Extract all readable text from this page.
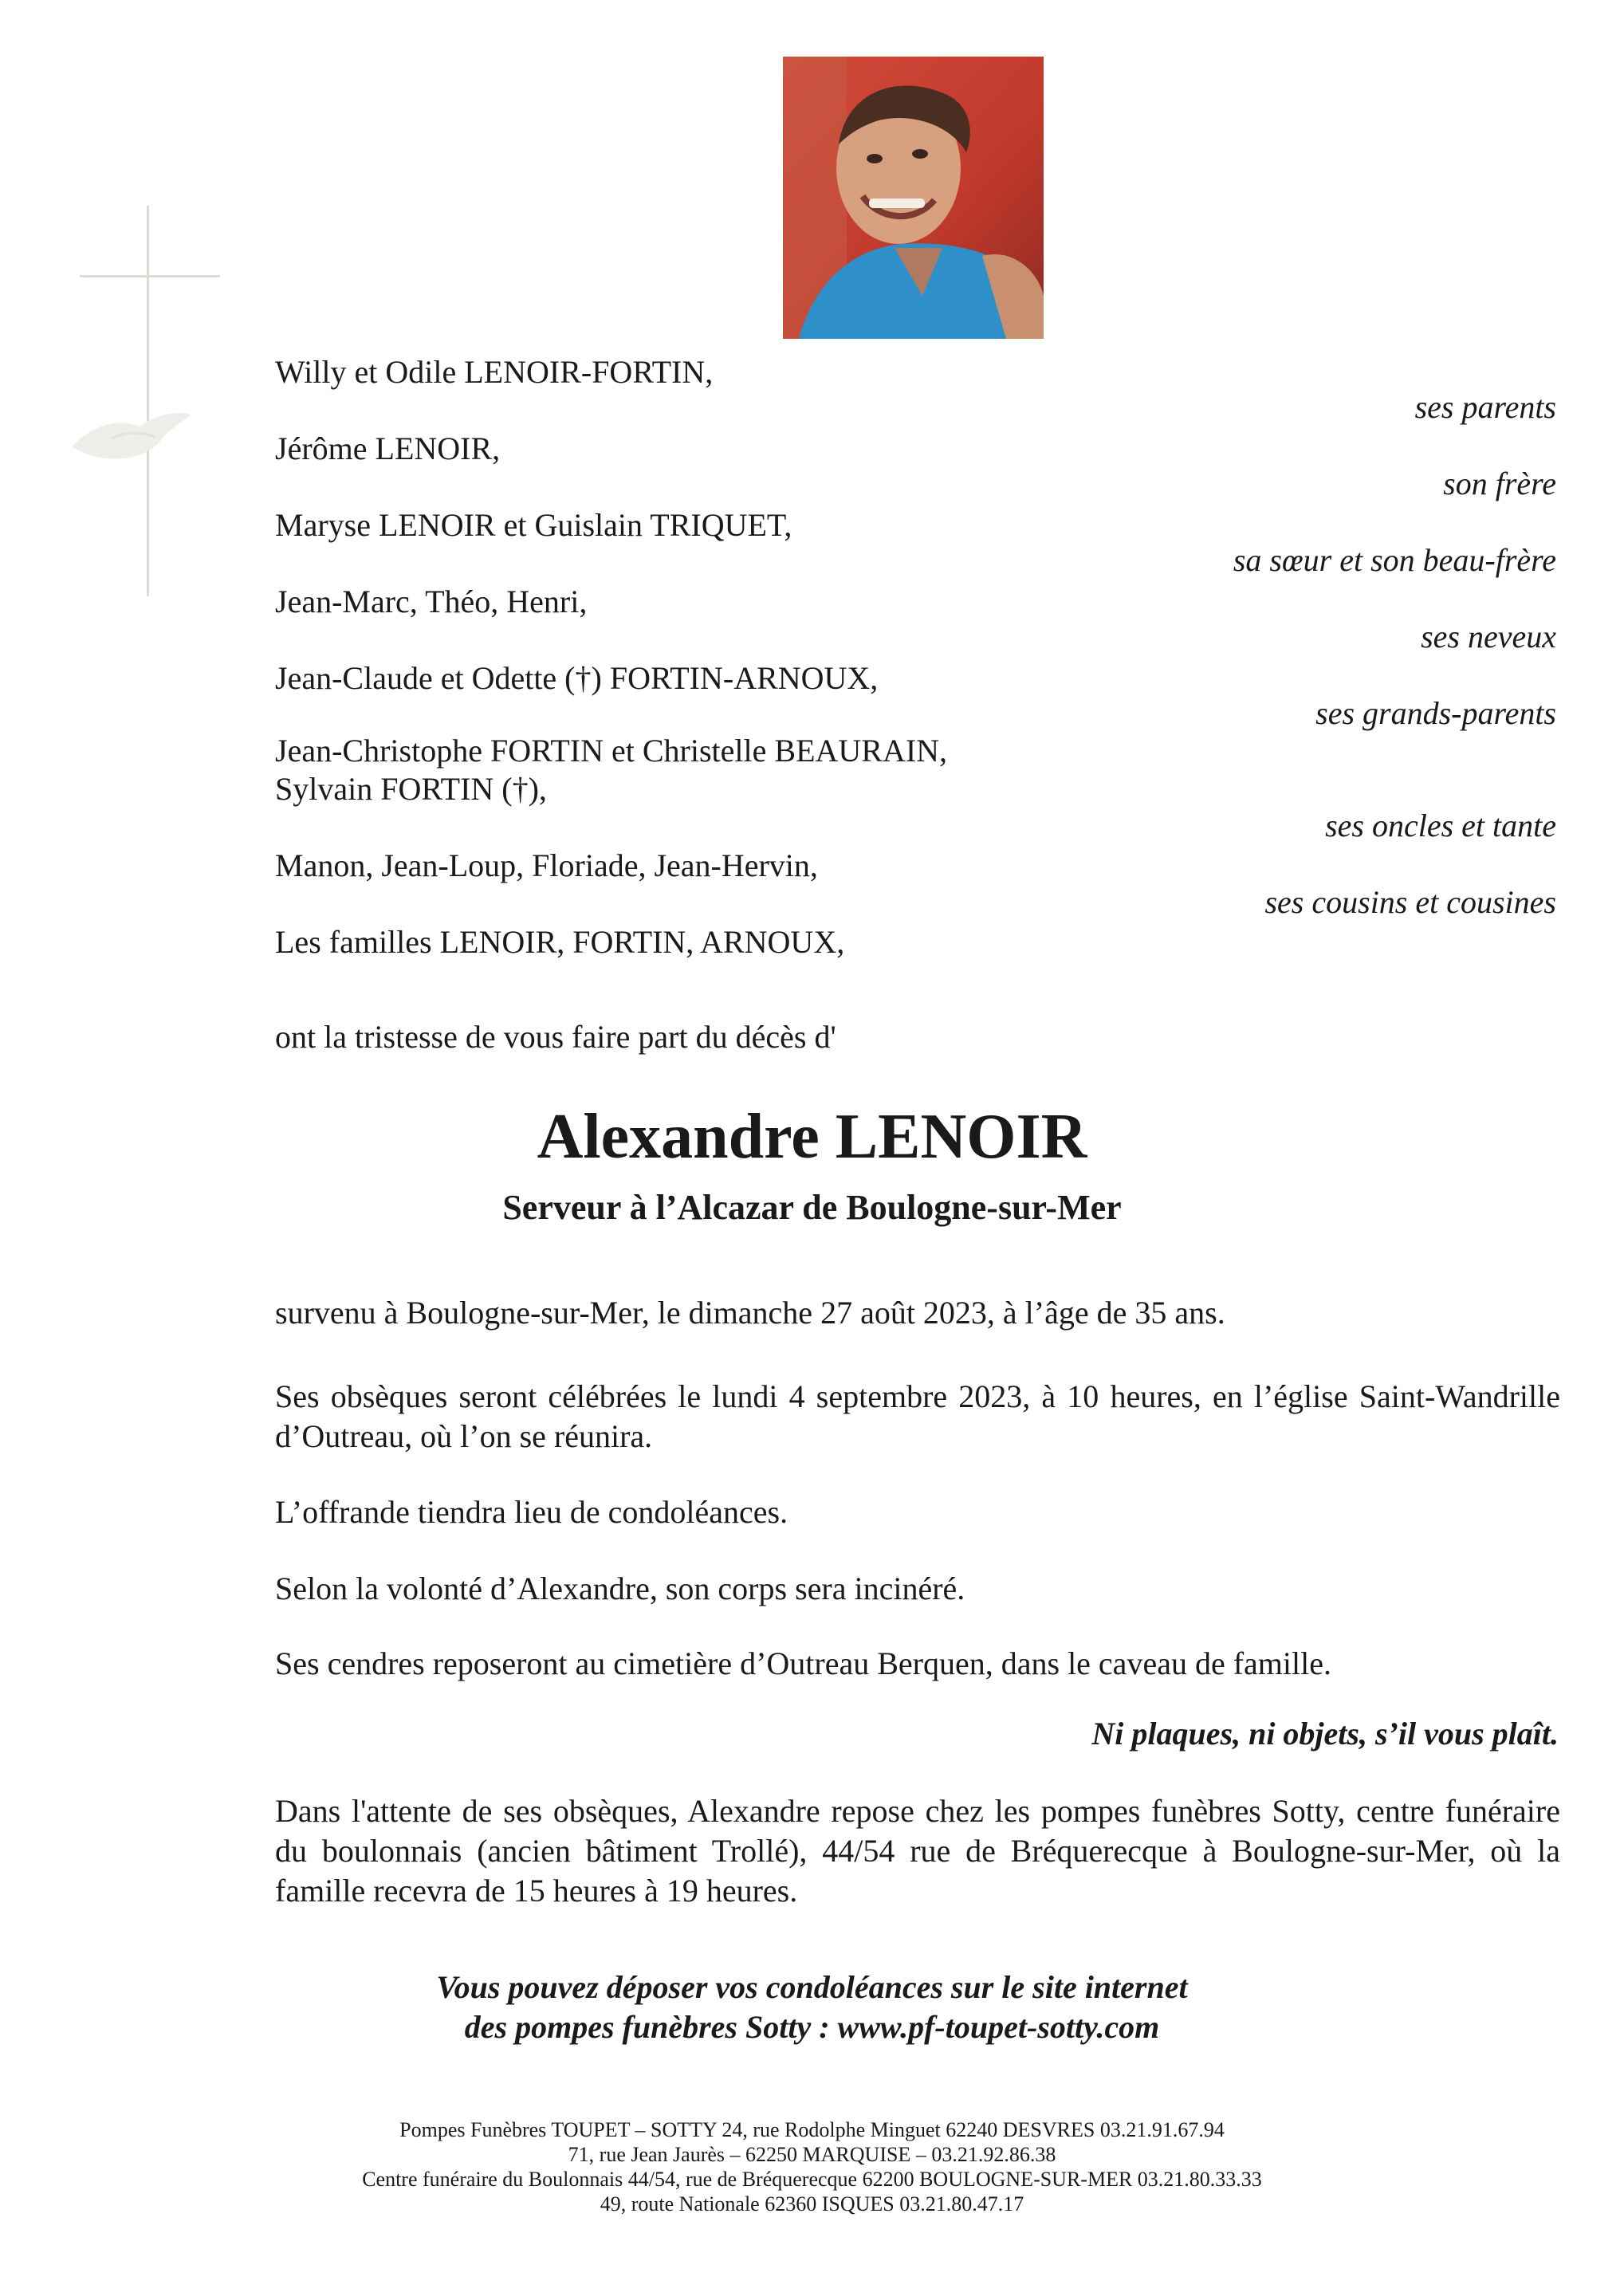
Willy et Odile LENOIR-FORTIN,
Jérôme LENOIR,
Maryse LENOIR et Guislain TRIQUET,
Jean-Marc, Théo, Henri,
Jean-Claude et Odette (†) FORTIN-ARNOUX,
Jean-Christophe FORTIN et Christelle BEAURAIN,
Sylvain FORTIN (†),
Manon, Jean-Loup, Floriade, Jean-Hervin,
Les familles LENOIR, FORTIN, ARNOUX,
ses parents
son frère
sa sœur et son beau-frère
ses neveux
ses grands-parents
ses oncles et tante
ses cousins et cousines
ont la tristesse de vous faire part du décès d'
Alexandre LENOIR
Serveur à l’Alcazar de Boulogne-sur-Mer
survenu à Boulogne-sur-Mer, le dimanche 27 août 2023, à l’âge de 35 ans.
Ses obsèques seront célébrées le lundi 4 septembre 2023, à 10 heures, en l’église Saint-Wandrille d’Outreau, où l’on se réunira.
L’offrande tiendra lieu de condoléances.
Selon la volonté d’Alexandre, son corps sera incinéré.
Ses cendres reposeront au cimetière d’Outreau Berquen, dans le caveau de famille.
Ni plaques, ni objets, s’il vous plaît.
Dans l'attente de ses obsèques, Alexandre repose chez les pompes funèbres Sotty, centre funéraire du boulonnais (ancien bâtiment Trollé), 44/54 rue de Bréquerecque à Boulogne-sur-Mer, où la famille recevra de 15 heures à 19 heures.
Vous pouvez déposer vos condoléances sur le site internet
des pompes funèbres Sotty : www.pf-toupet-sotty.com
Pompes Funèbres TOUPET – SOTTY 24, rue Rodolphe Minguet 62240 DESVRES 03.21.91.67.94
71, rue Jean Jaurès – 62250 MARQUISE – 03.21.92.86.38
Centre funéraire du Boulonnais 44/54, rue de Bréquerecque 62200 BOULOGNE-SUR-MER 03.21.80.33.33
49, route Nationale 62360 ISQUES 03.21.80.47.17
